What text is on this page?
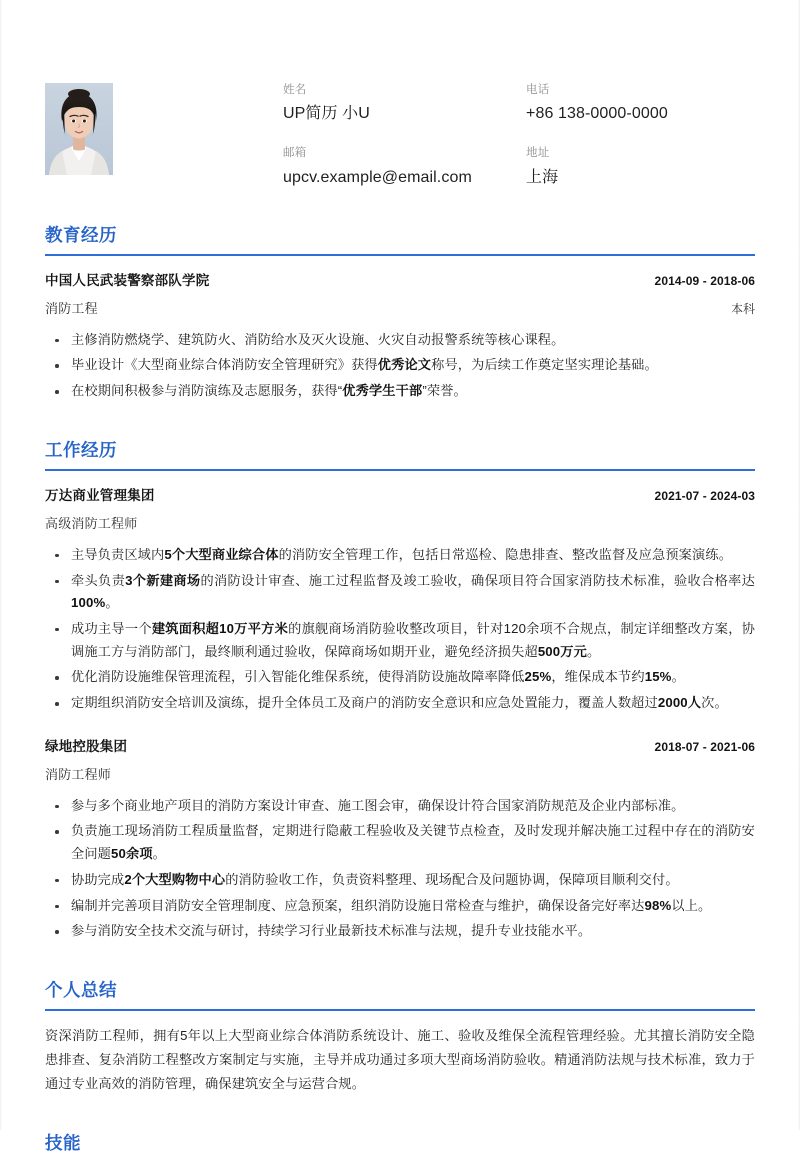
姓名
UP简历 小U
电话
+86 138-0000-0000
邮箱
upcv.example@email.com
地址
上海
教育经历
中国人民武装警察部队学院	2014-09 - 2018-06
消防工程	本科
主修消防燃烧学、建筑防火、消防给水及灭火设施、火灾自动报警系统等核心课程。
毕业设计《大型商业综合体消防安全管理研究》获得优秀论文称号，为后续工作奠定坚实理论基础。
在校期间积极参与消防演练及志愿服务，获得“优秀学生干部”荣誉。
工作经历
万达商业管理集团	2021-07 - 2024-03
高级消防工程师
主导负责区域内5个大型商业综合体的消防安全管理工作，包括日常巡检、隐患排查、整改监督及应急预案演练。
牵头负责3个新建商场的消防设计审查、施工过程监督及竣工验收，确保项目符合国家消防技术标准，验收合格率达100%。
成功主导一个建筑面积超10万平方米的旗舰商场消防验收整改项目，针对120余项不合规点，制定详细整改方案，协调施工方与消防部门，最终顺利通过验收，保障商场如期开业，避免经济损失超500万元。
优化消防设施维保管理流程，引入智能化维保系统，使得消防设施故障率降低25%，维保成本节约15%。
定期组织消防安全培训及演练，提升全体员工及商户的消防安全意识和应急处置能力，覆盖人数超过2000人次。
绿地控股集团	2018-07 - 2021-06
消防工程师
参与多个商业地产项目的消防方案设计审查、施工图会审，确保设计符合国家消防规范及企业内部标准。
负责施工现场消防工程质量监督，定期进行隐蔽工程验收及关键节点检查，及时发现并解决施工过程中存在的消防安全问题50余项。
协助完成2个大型购物中心的消防验收工作，负责资料整理、现场配合及问题协调，保障项目顺利交付。
编制并完善项目消防安全管理制度、应急预案，组织消防设施日常检查与维护，确保设备完好率达98%以上。
参与消防安全技术交流与研讨，持续学习行业最新技术标准与法规，提升专业技能水平。
个人总结

资深消防工程师，拥有5年以上大型商业综合体消防系统设计、施工、验收及维保全流程管理经验。尤其擅长消防安全隐患排查、复杂消防工程整改方案制定与实施，主导并成功通过多项大型商场消防验收。精通消防法规与技术标准，致力于通过专业高效的消防管理，确保建筑安全与运营合规。

技能
